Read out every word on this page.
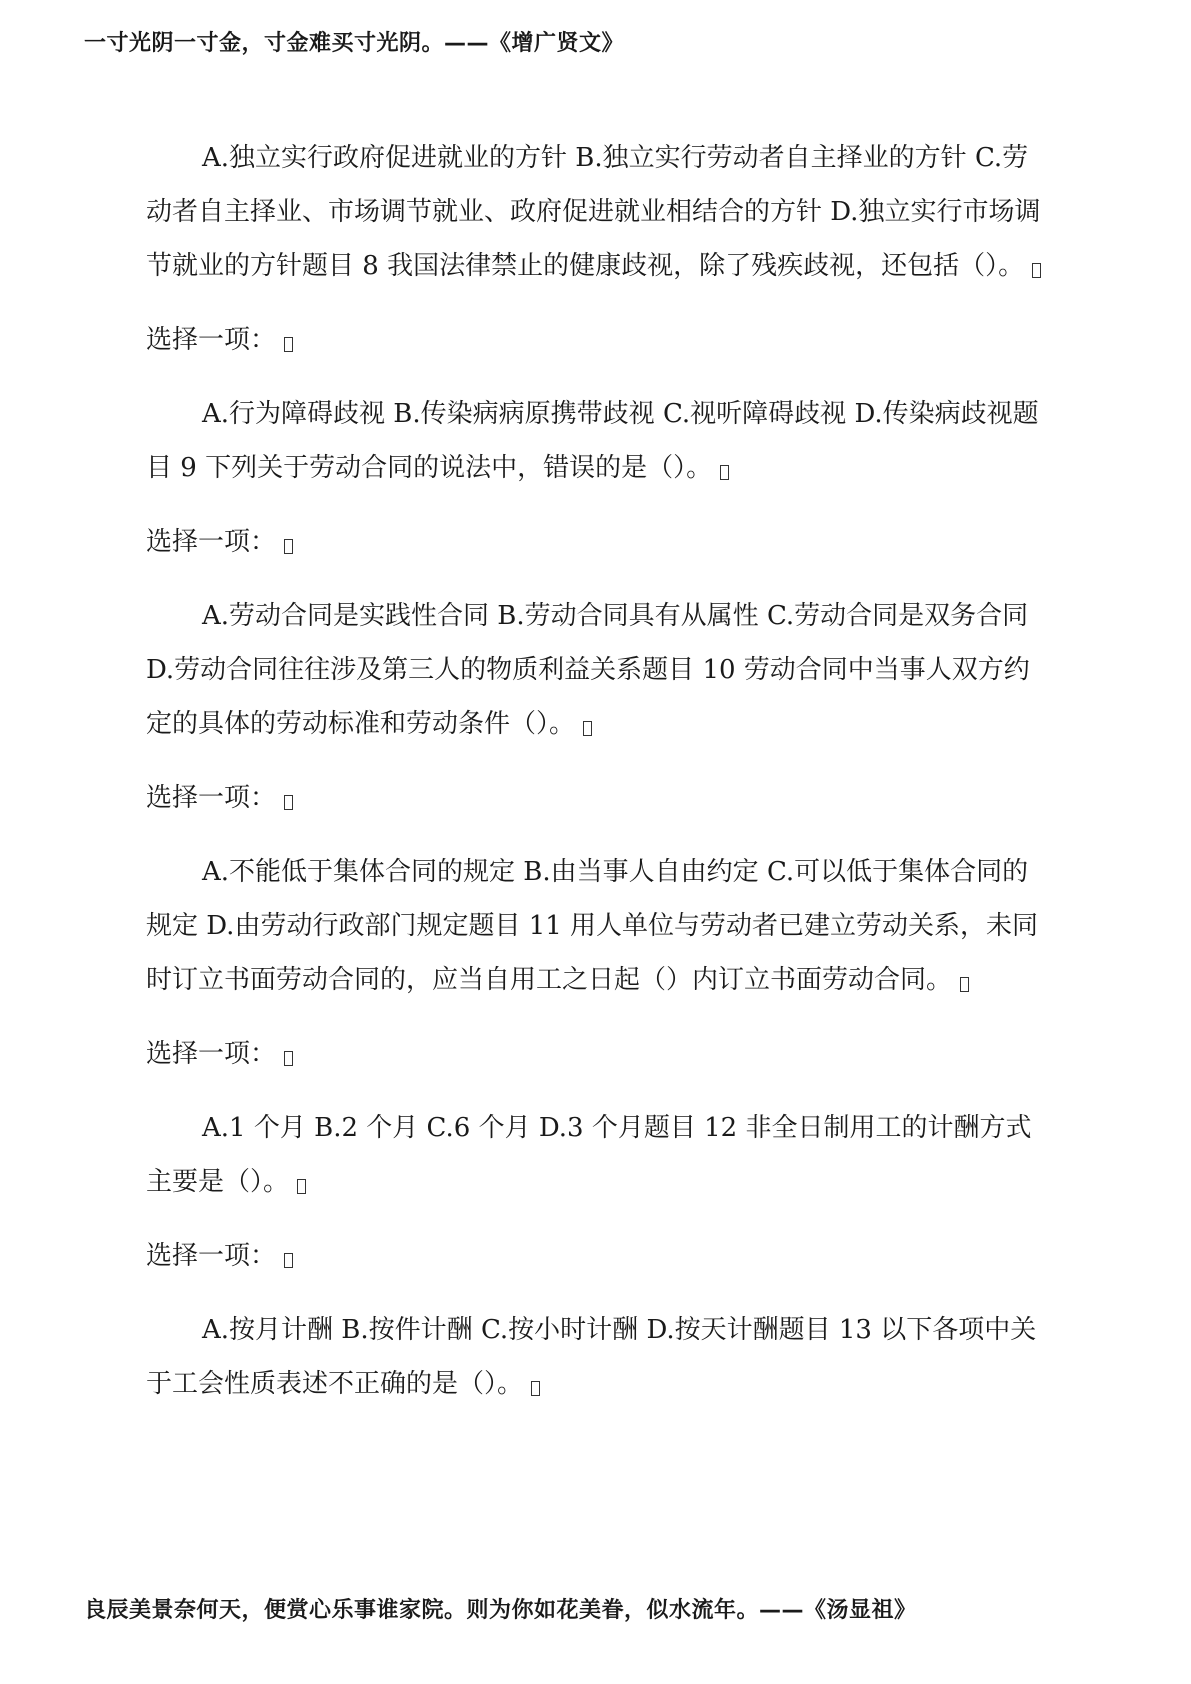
一寸光阴一寸金，寸金难买寸光阴。——《增广贤文》

A.独立实行政府促进就业的方针 B.独立实行劳动者自主择业的方针 C.劳动者自主择业、市场调节就业、政府促进就业相结合的方针 D.独立实行市场调节就业的方针题目 8 我国法律禁止的健康歧视，除了残疾歧视，还包括（）。

选择一项：

A.行为障碍歧视 B.传染病病原携带歧视 C.视听障碍歧视 D.传染病歧视题目 9 下列关于劳动合同的说法中，错误的是（）。

选择一项：

A.劳动合同是实践性合同 B.劳动合同具有从属性 C.劳动合同是双务合同 D.劳动合同往往涉及第三人的物质利益关系题目 10 劳动合同中当事人双方约定的具体的劳动标准和劳动条件（）。

选择一项：

A.不能低于集体合同的规定 B.由当事人自由约定 C.可以低于集体合同的规定 D.由劳动行政部门规定题目 11 用人单位与劳动者已建立劳动关系，未同时订立书面劳动合同的，应当自用工之日起（）内订立书面劳动合同。

选择一项：

A.1 个月 B.2 个月 C.6 个月 D.3 个月题目 12 非全日制用工的计酬方式主要是（）。

选择一项：

A.按月计酬 B.按件计酬 C.按小时计酬 D.按天计酬题目 13 以下各项中关于工会性质表述不正确的是（）。

良辰美景奈何天，便赏心乐事谁家院。则为你如花美眷，似水流年。——《汤显祖》
